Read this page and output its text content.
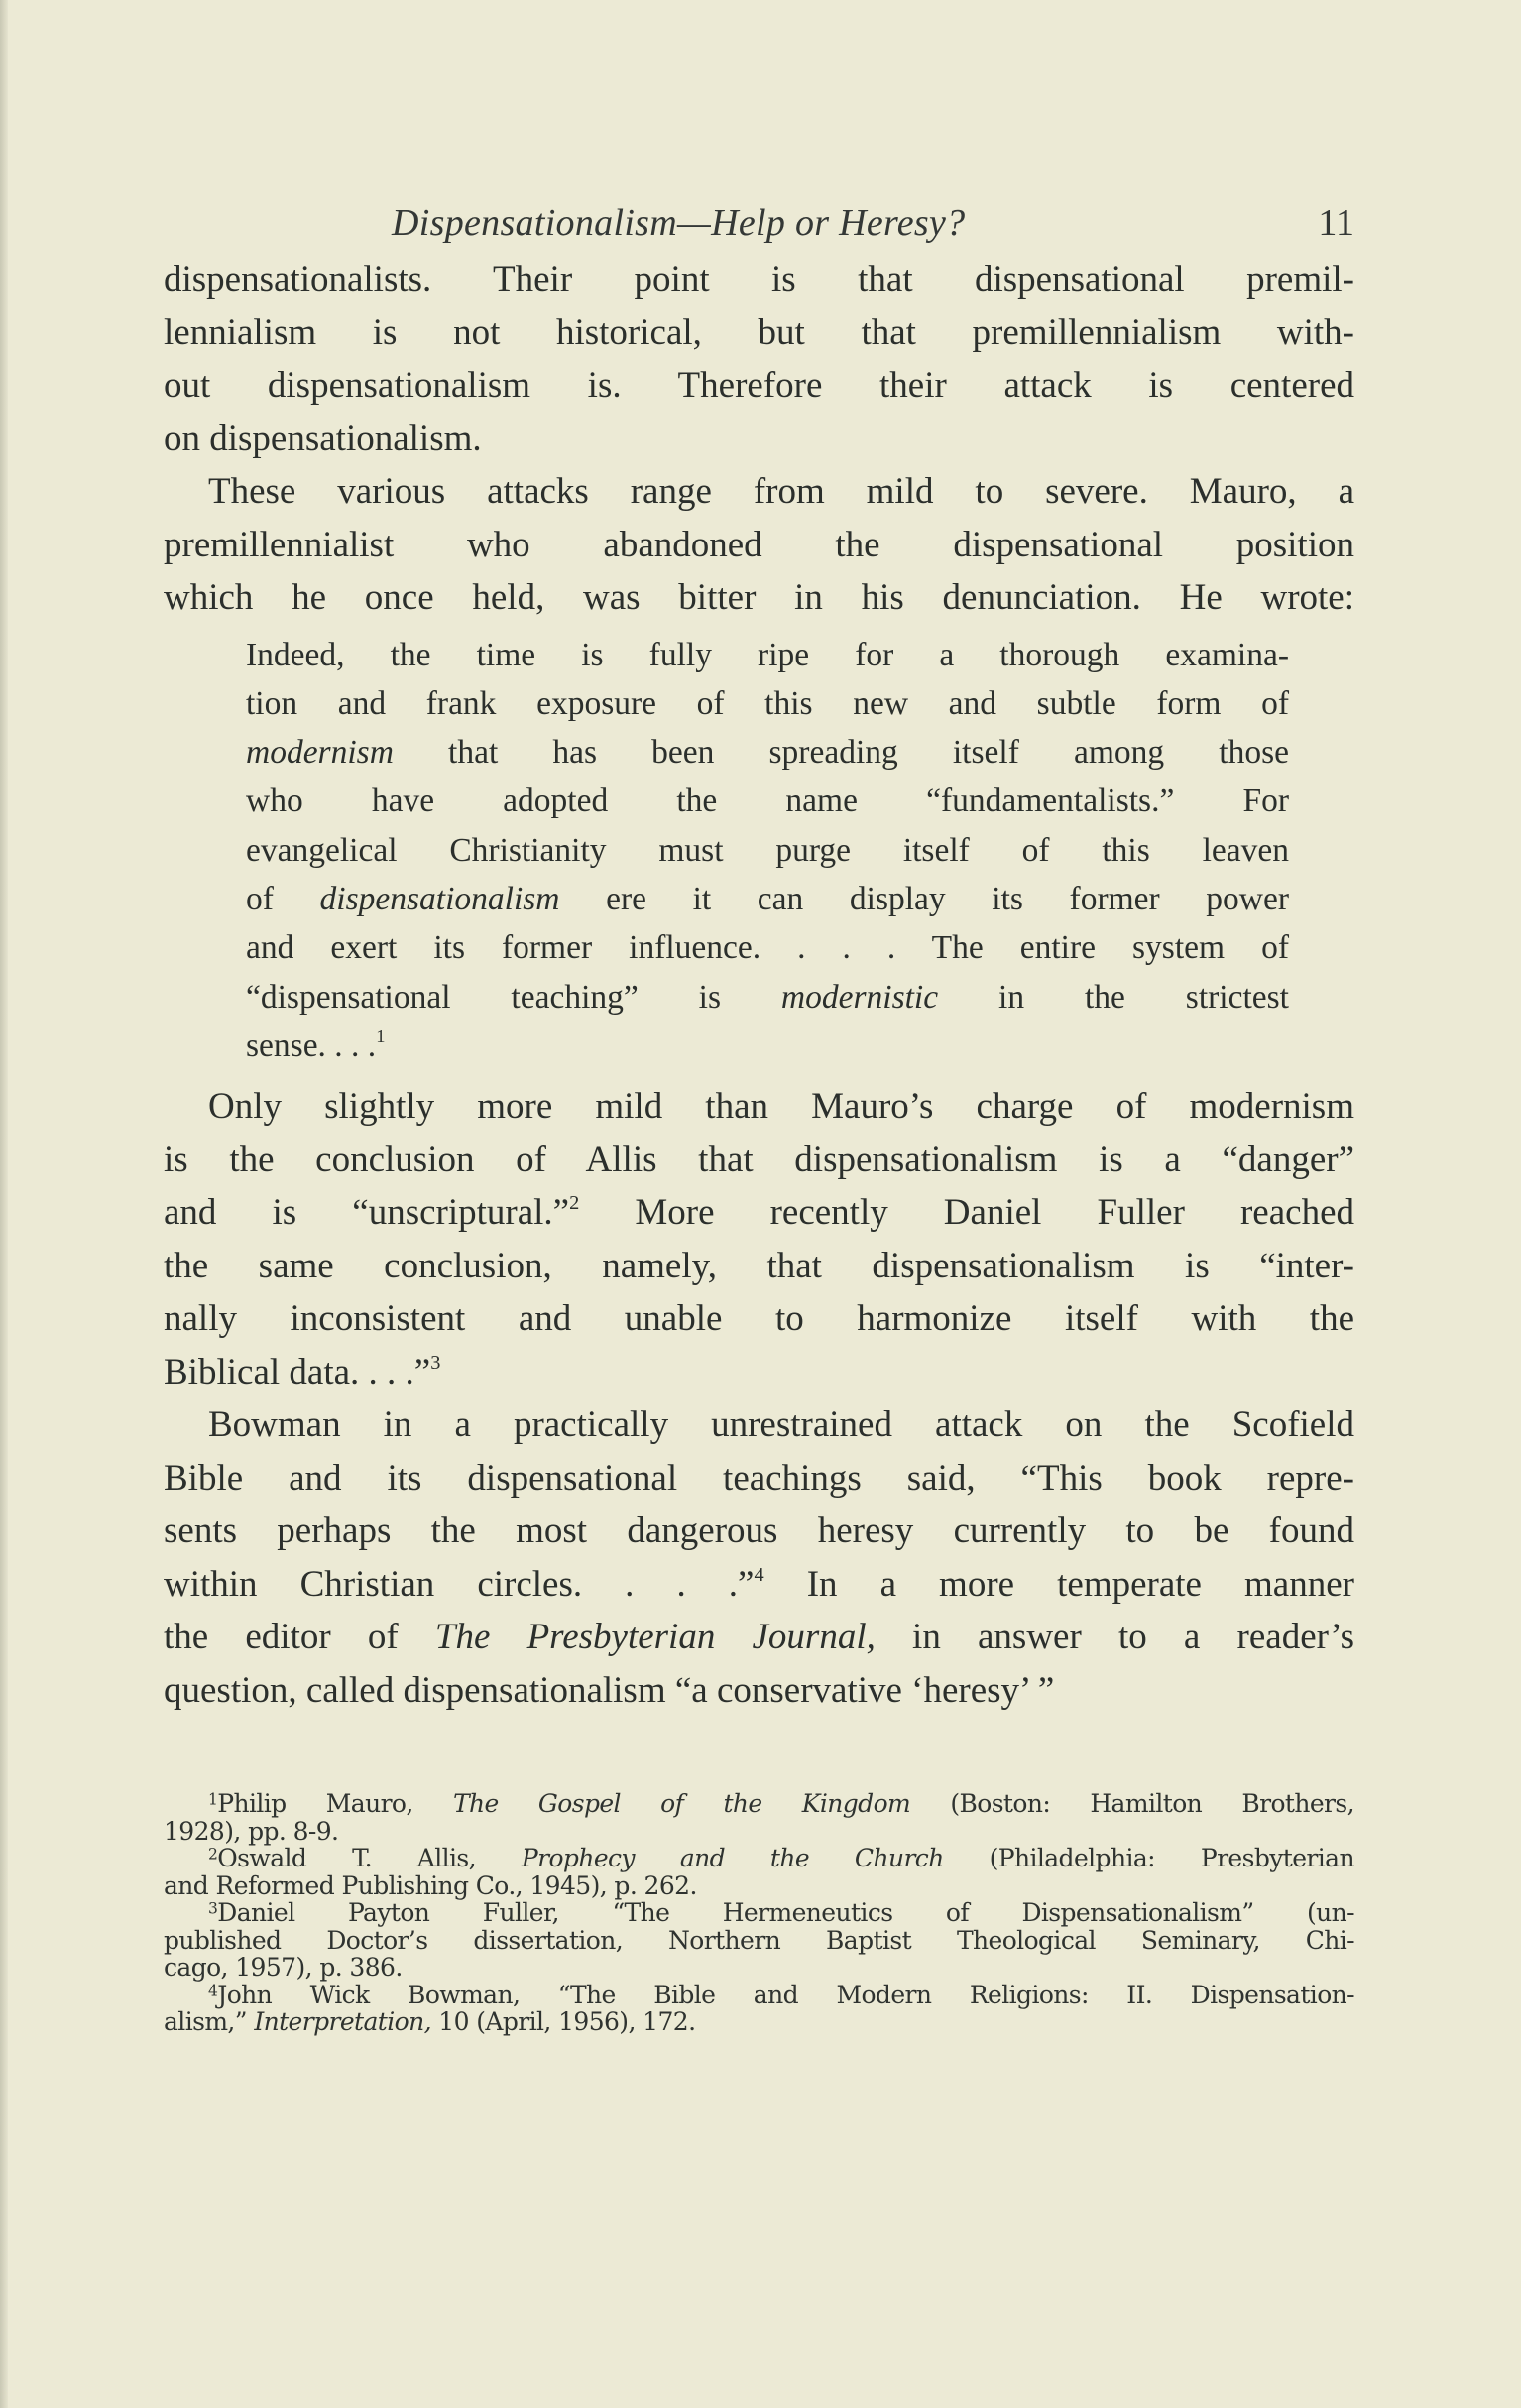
Dispensationalism—Help or Heresy?	11
dispensationalists. Their point is that dispensational premil-
lennialism is not historical, but that premillennialism with-
out dispensationalism is. Therefore their attack is centered
on dispensationalism.
These various attacks range from mild to severe. Mauro, a
premillennialist who abandoned the dispensational position
which he once held, was bitter in his denunciation. He wrote:
Indeed, the time is fully ripe for a thorough examina-
tion and frank exposure of this new and subtle form of
modernism that has been spreading itself among those
who have adopted the name “fundamentalists.” For
evangelical Christianity must purge itself of this leaven
of dispensationalism ere it can display its former power
and exert its former influence. . . . The entire system of
“dispensational teaching” is modernistic in the strictest
sense. . . .$^1$
Only slightly more mild than Mauro’s charge of modernism
is the conclusion of Allis that dispensationalism is a “danger”
and is “unscriptural.”$^2$ More recently Daniel Fuller reached
the same conclusion, namely, that dispensationalism is “inter-
nally inconsistent and unable to harmonize itself with the
Biblical data. . . .”$^3$
Bowman in a practically unrestrained attack on the Scofield
Bible and its dispensational teachings said, “This book repre-
sents perhaps the most dangerous heresy currently to be found
within Christian circles. . . .”$^4$ In a more temperate manner
the editor of The Presbyterian Journal, in answer to a reader’s
question, called dispensationalism “a conservative ‘heresy’ ”
$^1$Philip Mauro, The Gospel of the Kingdom (Boston: Hamilton Brothers,
1928), pp. 8-9.
$^2$Oswald T. Allis, Prophecy and the Church (Philadelphia: Presbyterian
and Reformed Publishing Co., 1945), p. 262.
$^3$Daniel Payton Fuller, “The Hermeneutics of Dispensationalism” (un-
published Doctor’s dissertation, Northern Baptist Theological Seminary, Chi-
cago, 1957), p. 386.
$^4$John Wick Bowman, “The Bible and Modern Religions: II. Dispensation-
alism,” Interpretation, 10 (April, 1956), 172.
